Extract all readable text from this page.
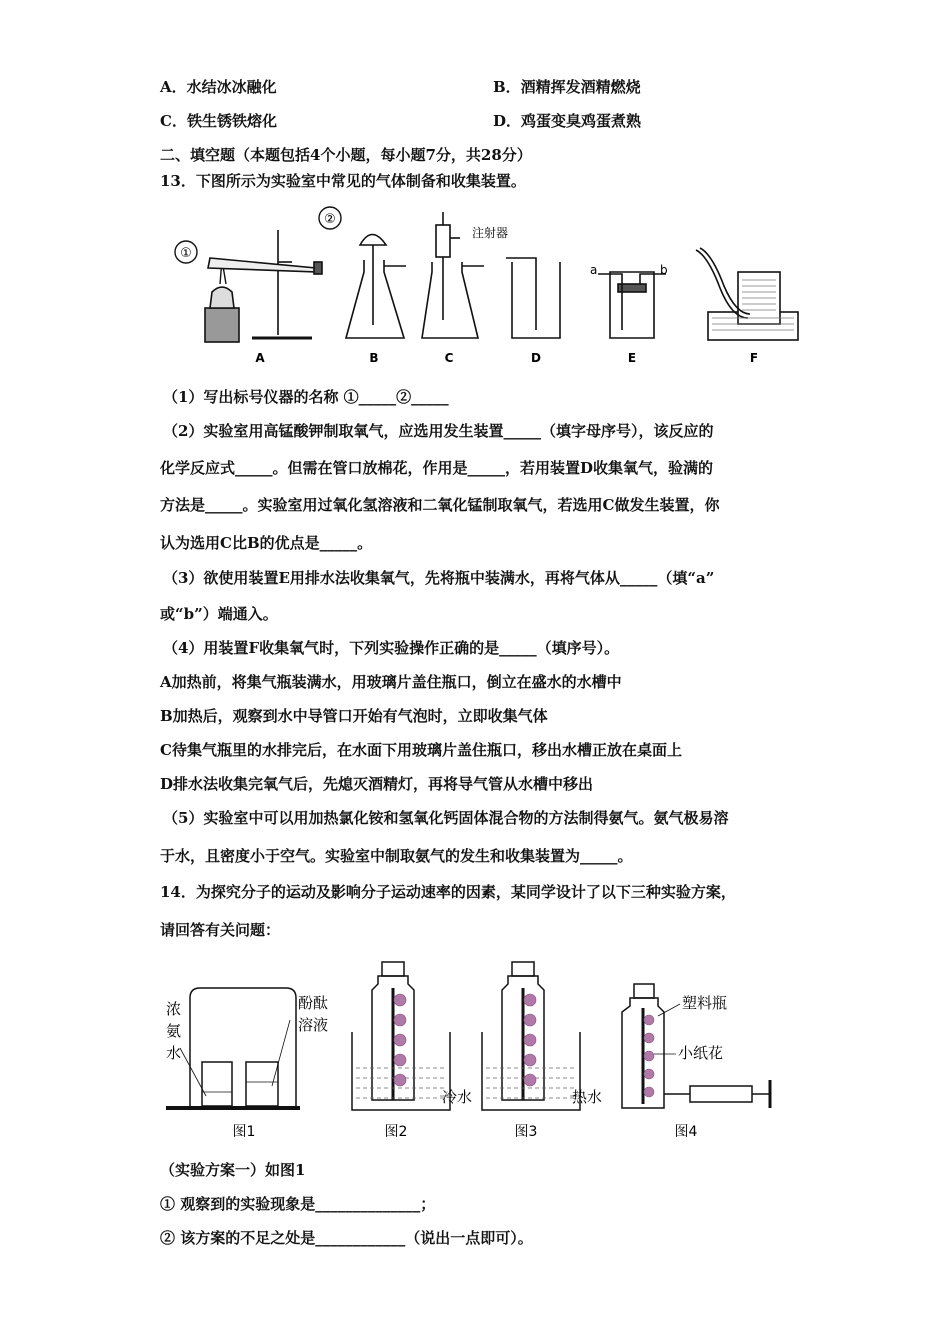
A．水结冰冰融化	B．酒精挥发酒精燃烧
C．铁生锈铁熔化	D．鸡蛋变臭鸡蛋煮熟
二、填空题（本题包括4个小题，每小题7分，共28分）
13．下图所示为实验室中常见的气体制备和收集装置。
①
②
注射器
a	b
A	B	C	D	E	F
（1）写出标号仪器的名称 ①_____②_____
（2）实验室用高锰酸钾制取氧气，应选用发生装置_____（填字母序号），该反应的
化学反应式_____。但需在管口放棉花，作用是_____，若用装置D收集氧气，验满的
方法是_____。实验室用过氧化氢溶液和二氧化锰制取氧气，若选用C做发生装置，你
认为选用C比B的优点是_____。
（3）欲使用装置E用排水法收集氧气，先将瓶中装满水，再将气体从_____（填“a”
或“b”）端通入。
（4）用装置F收集氧气时，下列实验操作正确的是_____（填序号）。
A加热前，将集气瓶装满水，用玻璃片盖住瓶口，倒立在盛水的水槽中
B加热后，观察到水中导管口开始有气泡时，立即收集气体
C待集气瓶里的水排完后，在水面下用玻璃片盖住瓶口，移出水槽正放在桌面上
D排水法收集完氧气后，先熄灭酒精灯，再将导气管从水槽中移出
（5）实验室中可以用加热氯化铵和氢氧化钙固体混合物的方法制得氨气。氨气极易溶
于水，且密度小于空气。实验室中制取氨气的发生和收集装置为_____。
14．为探究分子的运动及影响分子运动速率的因素，某同学设计了以下三种实验方案，
请回答有关问题：
浓
氨
水
酚酞
溶液
冷水	热水
塑料瓶
小纸花
图1	图2	图3	图4
（实验方案一）如图1
① 观察到的实验现象是______________；
② 该方案的不足之处是____________（说出一点即可）。
